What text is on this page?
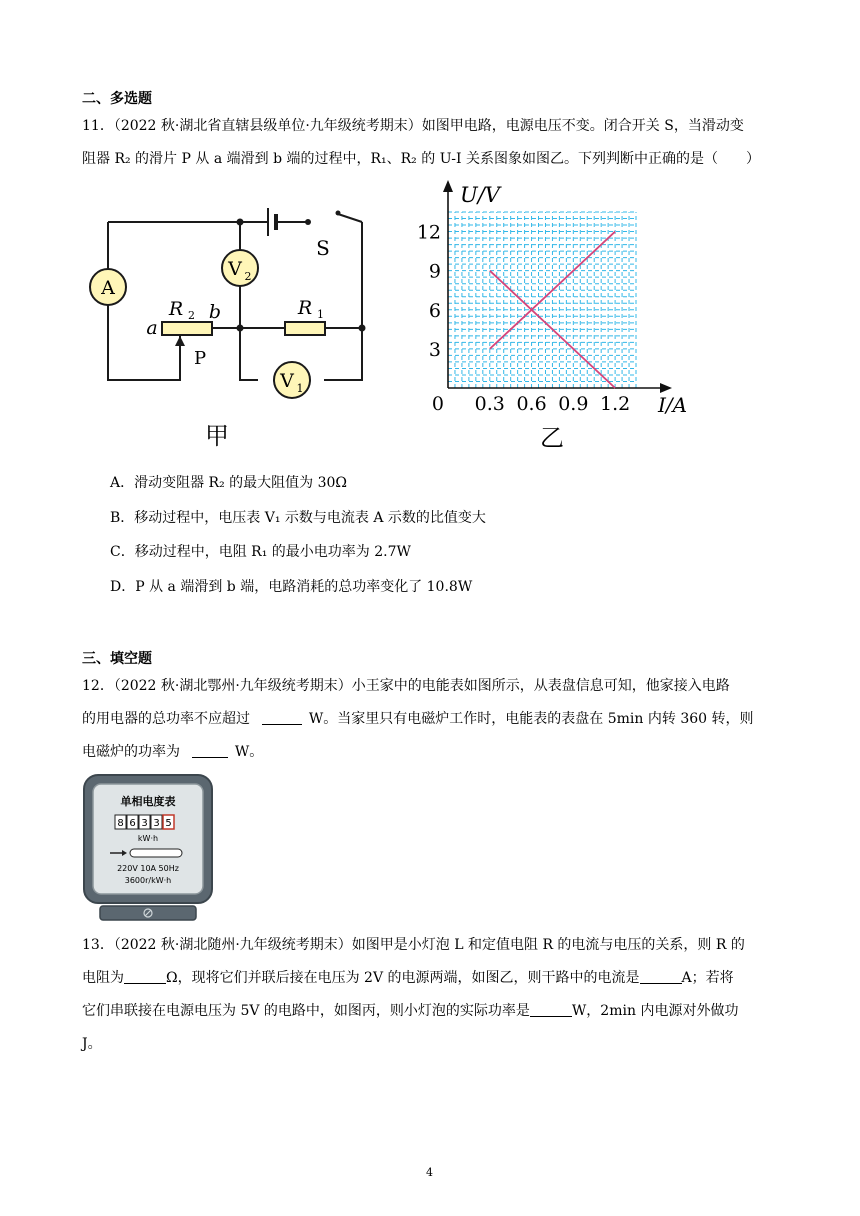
二、多选题
11．（2022 秋·湖北省直辖县级单位·九年级统考期末）如图甲电路，电源电压不变。闭合开关 S，当滑动变
阻器 R₂ 的滑片 P 从 a 端滑到 b 端的过程中，R₁、R₂ 的 U-I 关系图象如图乙。下列判断中正确的是（　　）
A
V 2
V 1
R 2
a
b
P
R 1
S
甲
0.3 0.6 0.9 1.2
3
6
9
12
0	I/A
U/V
乙
A．滑动变阻器 R₂ 的最大阻值为 30Ω
B．移动过程中，电压表 V₁ 示数与电流表 A 示数的比值变大
C．移动过程中，电阻 R₁ 的最小电功率为 2.7W
D．P 从 a 端滑到 b 端，电路消耗的总功率变化了 10.8W
三、填空题
12．（2022 秋·湖北鄂州·九年级统考期末）小王家中的电能表如图所示，从表盘信息可知，他家接入电路
的用电器的总功率不应超过	W。当家里只有电磁炉工作时，电能表的表盘在 5min 内转 360 转，则
电磁炉的功率为	W。
单相电度表
8 6 3 3 5
kW·h
220V 10A 50Hz
3600r/kW·h
13．（2022 秋·湖北随州·九年级统考期末）如图甲是小灯泡 L 和定值电阻 R 的电流与电压的关系，则 R 的
电阻为	Ω，现将它们并联后接在电压为 2V 的电源两端，如图乙，则干路中的电流是	A；若将
它们串联接在电源电压为 5V 的电路中，如图丙，则小灯泡的实际功率是	W，2min 内电源对外做功
J。
4
